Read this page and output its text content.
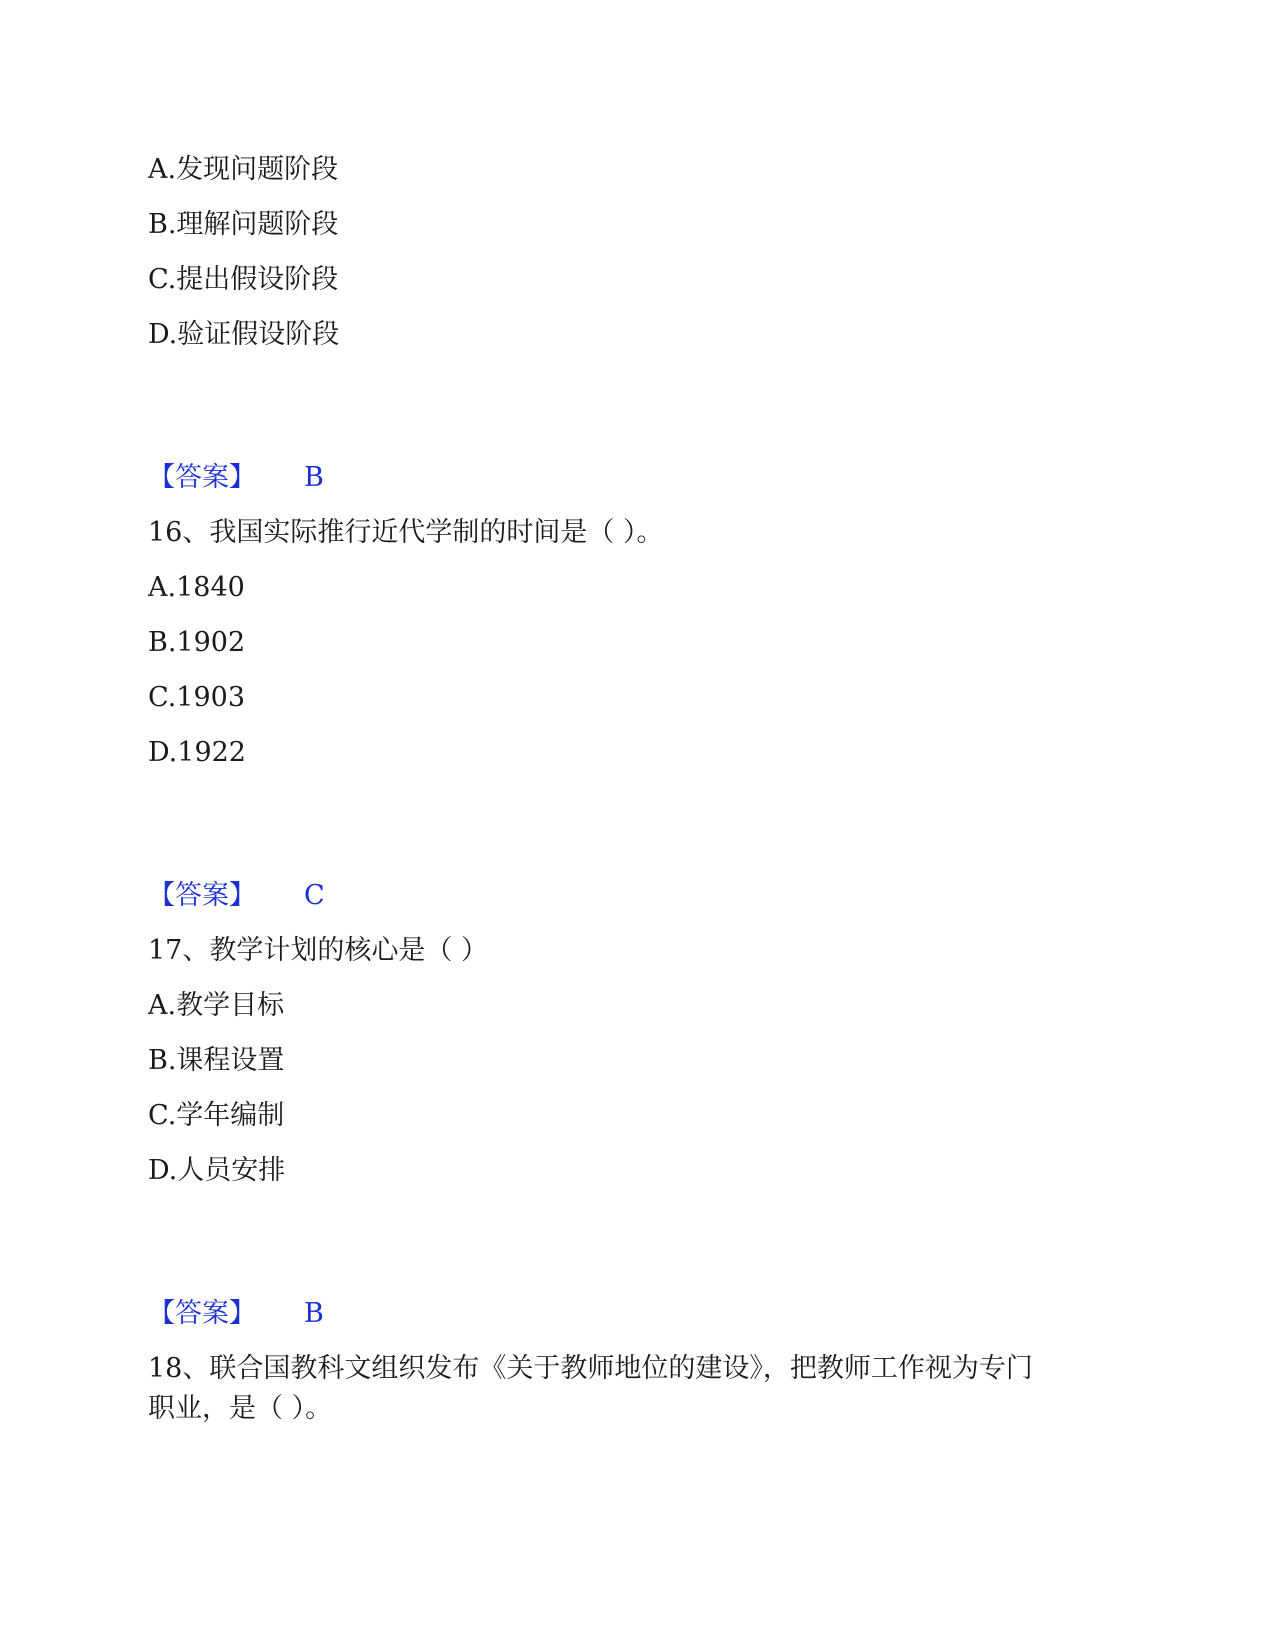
A.发现问题阶段
B.理解问题阶段
C.提出假设阶段
D.验证假设阶段
【答案】 B
16、我国实际推行近代学制的时间是（ ）。
A.1840
B.1902
C.1903
D.1922
【答案】 C
17、教学计划的核心是（ ）
A.教学目标
B.课程设置
C.学年编制
D.人员安排
【答案】 B
18、联合国教科文组织发布《关于教师地位的建设》，把教师工作视为专门
职业，是（ ）。
